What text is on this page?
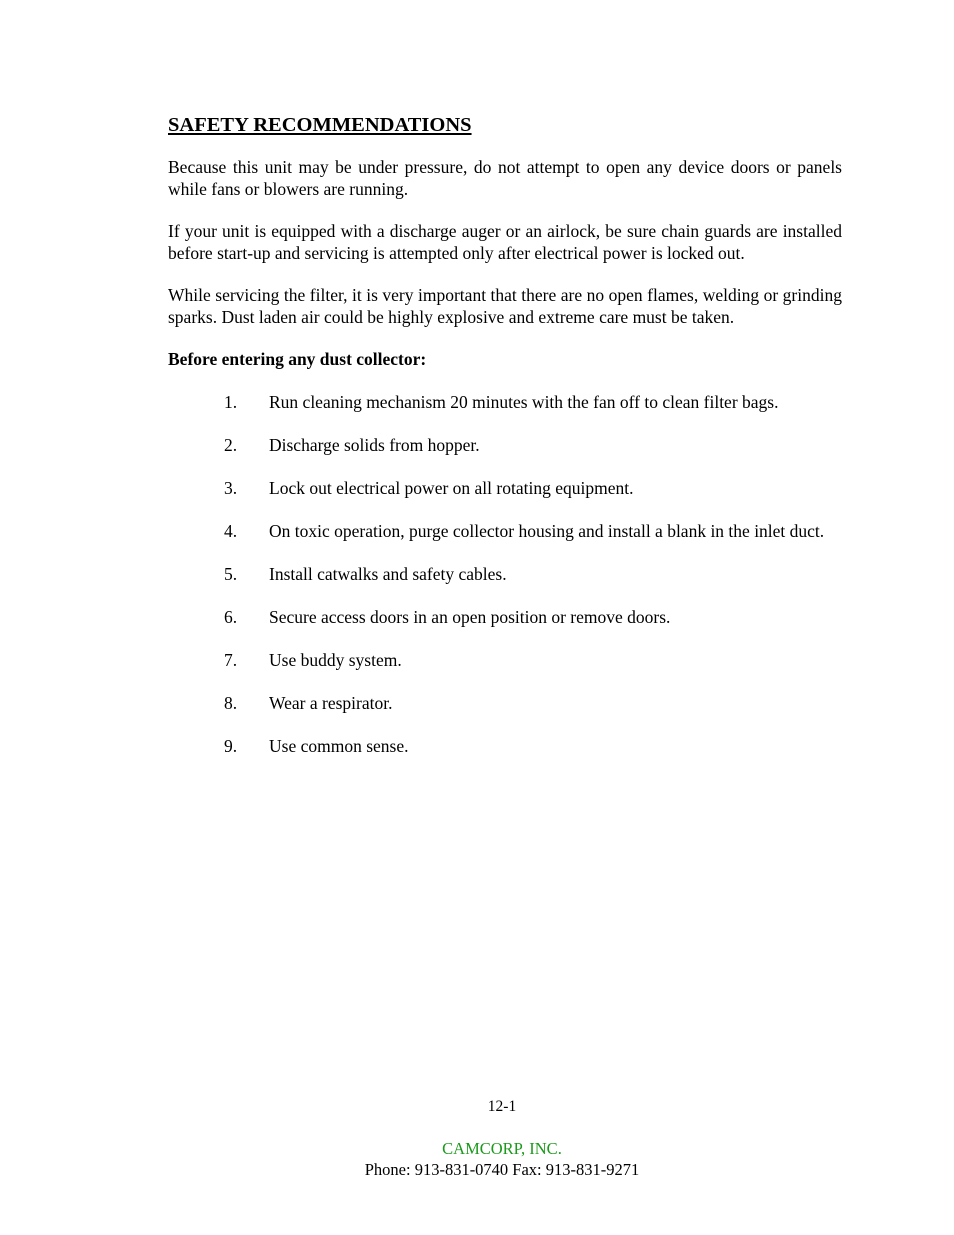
SAFETY RECOMMENDATIONS

Because this unit may be under pressure, do not attempt to open any device doors or panels while fans or blowers are running.

If your unit is equipped with a discharge auger or an airlock, be sure chain guards are installed before start-up and servicing is attempted only after electrical power is locked out.

While servicing the filter, it is very important that there are no open flames, welding or grinding sparks. Dust laden air could be highly explosive and extreme care must be taken.

Before entering any dust collector:

1.	Run cleaning mechanism 20 minutes with the fan off to clean filter bags.
2.	Discharge solids from hopper.
3.	Lock out electrical power on all rotating equipment.
4.	On toxic operation, purge collector housing and install a blank in the inlet duct.
5.	Install catwalks and safety cables.
6.	Secure access doors in an open position or remove doors.
7.	Use buddy system.
8.	Wear a respirator.
9.	Use common sense.
12-1
CAMCORP, INC.
Phone: 913-831-0740 Fax: 913-831-9271
